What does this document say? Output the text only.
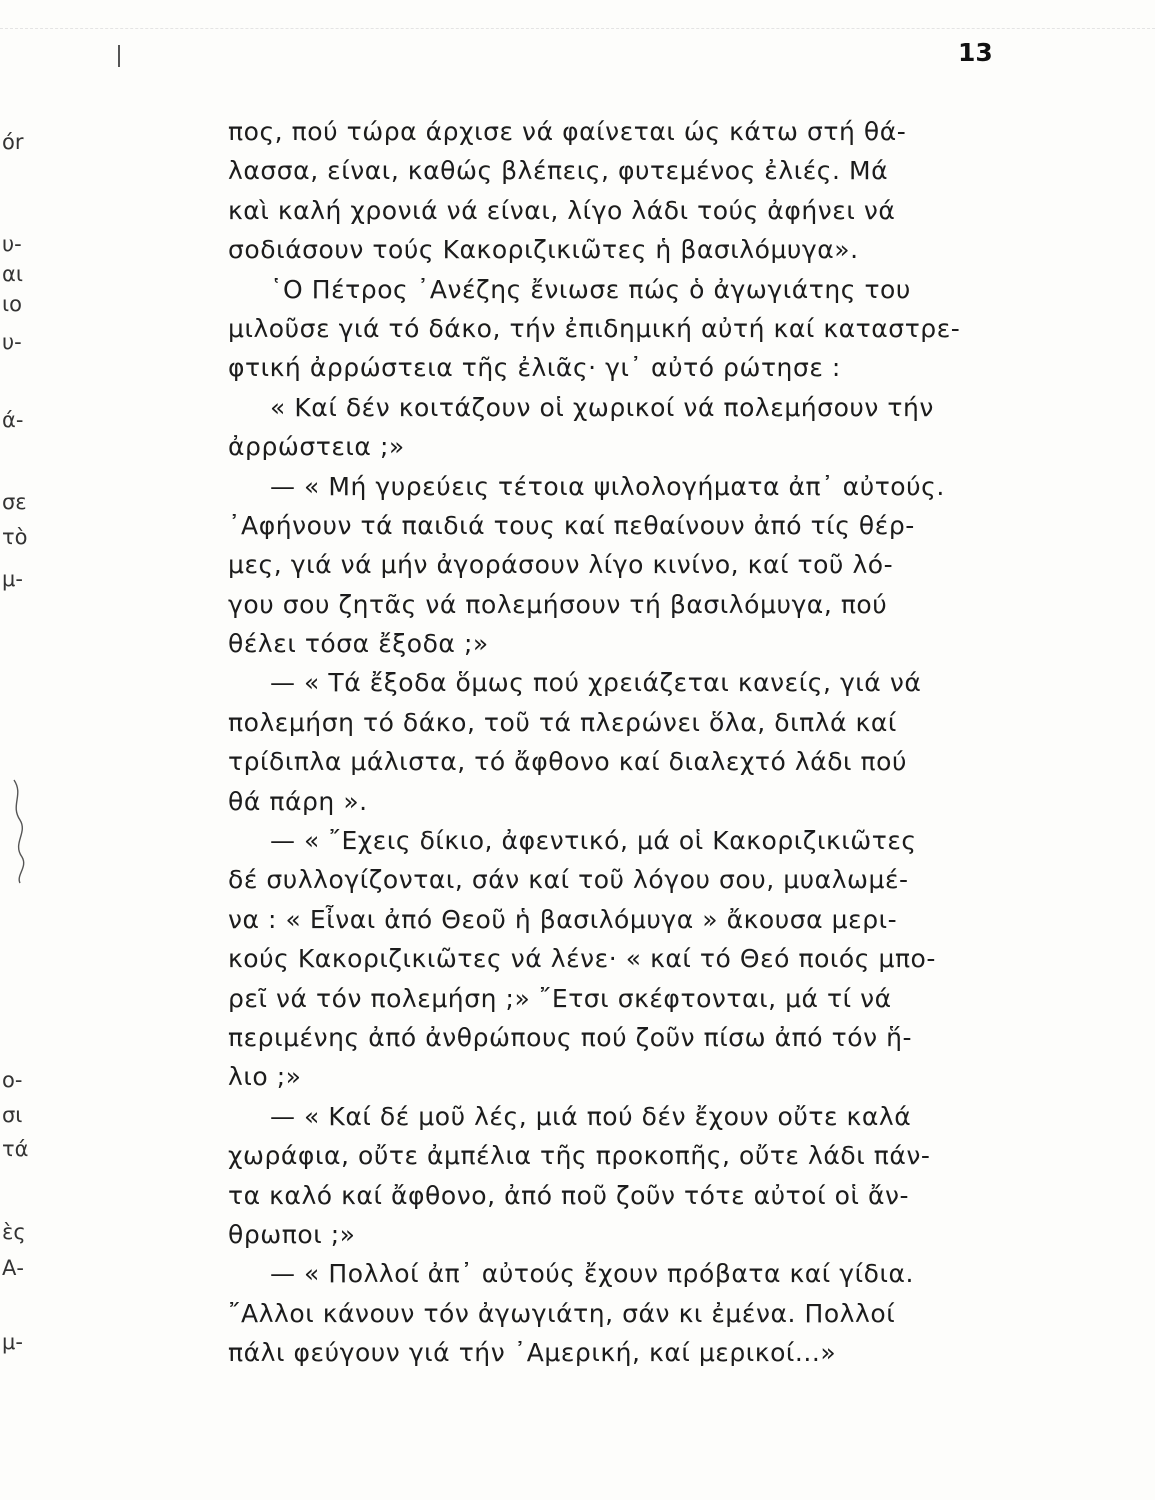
13
όr
υ-
αι
ιο
υ-
ά-
σε
τὸ
μ-
ο-
σι
τά
ὲς
Α-
μ-
πος, πού τώρα άρχισε νά φαίνεται ώς κάτω στή θά-
λασσα, είναι, καθώς βλέπεις, φυτεμένος ἐλιές. Μά
καὶ καλή χρονιά νά είναι, λίγο λάδι τούς ἀφήνει νά
σοδιάσουν τούς Κακοριζικιῶτες ἡ βασιλόμυγα».
῾Ο Πέτρος ᾿Ανέζης ἔνιωσε πώς ὁ ἀγωγιάτης του
μιλοῦσε γιά τό δάκο, τήν ἐπιδημική αὐτή καί καταστρε-
φτική ἀρρώστεια τῆς ἐλιᾶς· γι᾿ αὐτό ρώτησε :
« Καί δέν κοιτάζουν οἱ χωρικοί νά πολεμήσουν τήν
ἀρρώστεια ;»
— « Μή γυρεύεις τέτοια ψιλολογήματα ἀπ᾿ αὐτούς.
᾿Αφήνουν τά παιδιά τους καί πεθαίνουν ἀπό τίς θέρ-
μες, γιά νά μήν ἀγοράσουν λίγο κινίνο, καί τοῦ λό-
γου σου ζητᾶς νά πολεμήσουν τή βασιλόμυγα, πού
θέλει τόσα ἔξοδα ;»
— « Τά ἔξοδα ὅμως πού χρειάζεται κανείς, γιά νά
πολεμήση τό δάκο, τοῦ τά πλερώνει ὅλα, διπλά καί
τρίδιπλα μάλιστα, τό ἄφθονο καί διαλεχτό λάδι πού
θά πάρη ».
— « ῎Εχεις δίκιο, ἀφεντικό, μά οἱ Κακοριζικιῶτες
δέ συλλογίζονται, σάν καί τοῦ λόγου σου, μυαλωμέ-
να : « Εἶναι ἀπό Θεοῦ ἡ βασιλόμυγα » ἄκουσα μερι-
κούς Κακοριζικιῶτες νά λένε· « καί τό Θεό ποιός μπο-
ρεῖ νά τόν πολεμήση ;» ῎Ετσι σκέφτονται, μά τί νά
περιμένης ἀπό ἀνθρώπους πού ζοῦν πίσω ἀπό τόν ἥ-
λιο ;»
— « Καί δέ μοῦ λές, μιά πού δέν ἔχουν οὔτε καλά
χωράφια, οὔτε ἀμπέλια τῆς προκοπῆς, οὔτε λάδι πάν-
τα καλό καί ἄφθονο, ἀπό ποῦ ζοῦν τότε αὐτοί οἱ ἄν-
θρωποι ;»
— « Πολλοί ἀπ᾿ αὐτούς ἔχουν πρόβατα καί γίδια.
῎Αλλοι κάνουν τόν ἀγωγιάτη, σάν κι ἐμένα. Πολλοί
πάλι φεύγουν γιά τήν ᾿Αμερική, καί μερικοί...»
